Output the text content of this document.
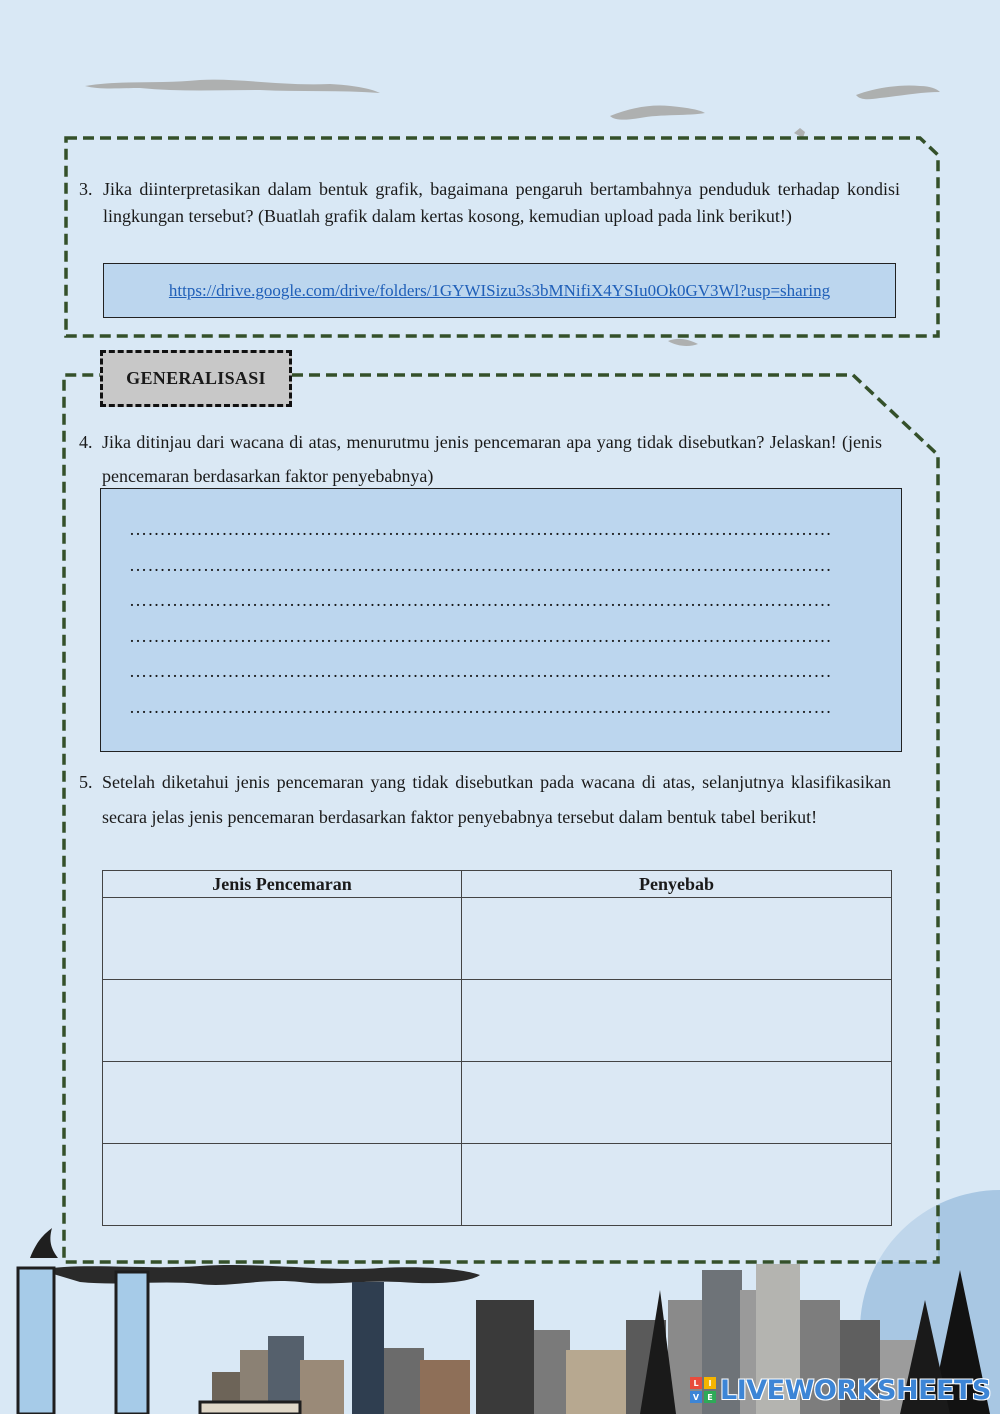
3. Jika diinterpretasikan dalam bentuk grafik, bagaimana pengaruh bertambahnya penduduk terhadap kondisi lingkungan tersebut? (Buatlah grafik dalam kertas kosong, kemudian upload pada link berikut!)
https://drive.google.com/drive/folders/1GYWISizu3s3bMNifiX4YSIu0Ok0GV3Wl?usp=sharing
GENERALISASI
4. Jika ditinjau dari wacana di atas, menurutmu jenis pencemaran apa yang tidak disebutkan? Jelaskan! (jenis pencemaran berdasarkan faktor penyebabnya)
……………………………………………………………………………………………………
……………………………………………………………………………………………………
……………………………………………………………………………………………………
……………………………………………………………………………………………………
……………………………………………………………………………………………………
……………………………………………………………………………………………………
5. Setelah diketahui jenis pencemaran yang tidak disebutkan pada wacana di atas, selanjutnya klasifikasikan secara jelas jenis pencemaran berdasarkan faktor penyebabnya tersebut dalam bentuk tabel berikut!
Jenis Pencemaran	Penyebab

L	I
V	E LIVEWORKSHEETS
